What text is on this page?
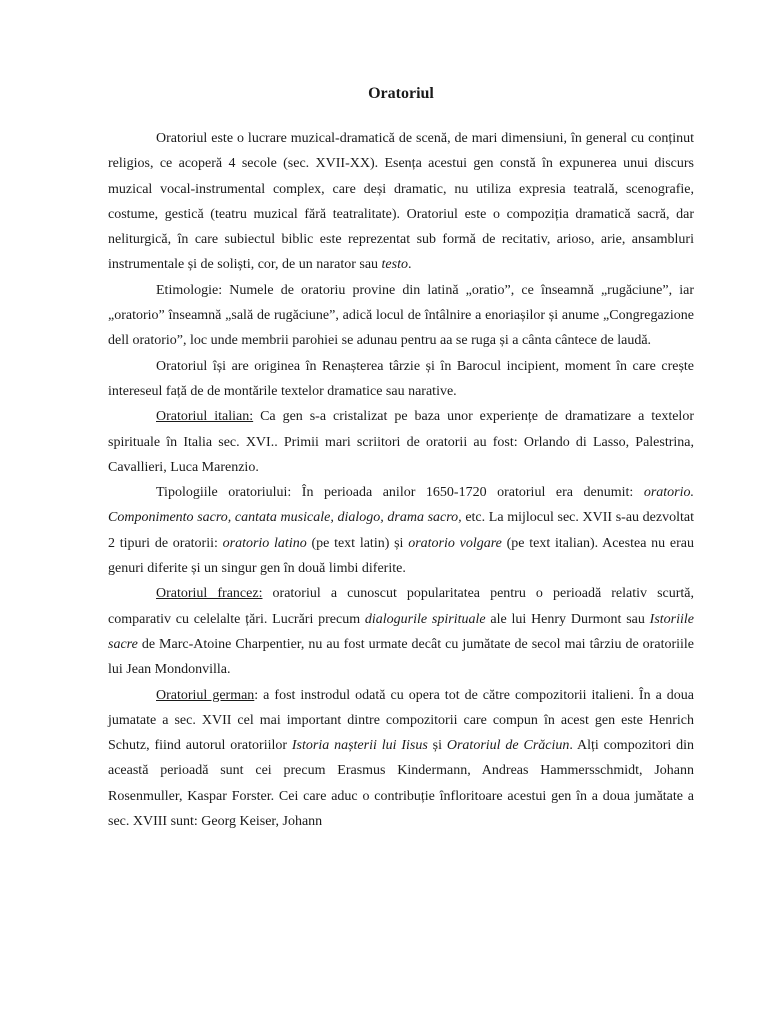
Oratoriul

Oratoriul este o lucrare muzical-dramatică de scenă, de mari dimensiuni, în general cu conținut religios, ce acoperă 4 secole (sec. XVII-XX). Esența acestui gen constă în expunerea unui discurs muzical vocal-instrumental complex, care deși dramatic, nu utiliza expresia teatrală, scenografie, costume, gestică (teatru muzical fără teatralitate). Oratoriul este o compoziția dramatică sacră, dar neliturgică, în care subiectul biblic este reprezentat sub formă de recitativ, arioso, arie, ansambluri instrumentale și de soliști, cor, de un narator sau testo.

Etimologie: Numele de oratoriu provine din latină „oratio”, ce înseamnă „rugăciune”, iar „oratorio” înseamnă „sală de rugăciune”, adică locul de întâlnire a enoriașilor și anume „Congregazione dell oratorio”, loc unde membrii parohiei se adunau pentru aa se ruga și a cânta cântece de laudă.

Oratoriul își are originea în Renașterea târzie și în Barocul incipient, moment în care crește intereseul față de de montările textelor dramatice sau narative.

Oratoriul italian: Ca gen s-a cristalizat pe baza unor experiențe de dramatizare a textelor spirituale în Italia sec. XVI.. Primii mari scriitori de oratorii au fost: Orlando di Lasso, Palestrina, Cavallieri, Luca Marenzio.

Tipologiile oratoriului: În perioada anilor 1650-1720 oratoriul era denumit: oratorio. Componimento sacro, cantata musicale, dialogo, drama sacro, etc. La mijlocul sec. XVII s-au dezvoltat 2 tipuri de oratorii: oratorio latino (pe text latin) și oratorio volgare (pe text italian). Acestea nu erau genuri diferite și un singur gen în două limbi diferite.

Oratoriul francez: oratoriul a cunoscut popularitatea pentru o perioadă relativ scurtă, comparativ cu celelalte țări. Lucrări precum dialogurile spirituale ale lui Henry Durmont sau Istoriile sacre de Marc-Atoine Charpentier, nu au fost urmate decât cu jumătate de secol mai târziu de oratoriile lui Jean Mondonvilla.

Oratoriul german: a fost instrodul odată cu opera tot de către compozitorii italieni. În a doua jumatate a sec. XVII cel mai important dintre compozitorii care compun în acest gen este Henrich Schutz, fiind autorul oratoriilor Istoria nașterii lui Iisus și Oratoriul de Crăciun. Alți compozitori din această perioadă sunt cei precum Erasmus Kindermann, Andreas Hammersschmidt, Johann Rosenmuller, Kaspar Forster. Cei care aduc o contribuție înfloritoare acestui gen în a doua jumătate a sec. XVIII sunt: Georg Keiser, Johann
